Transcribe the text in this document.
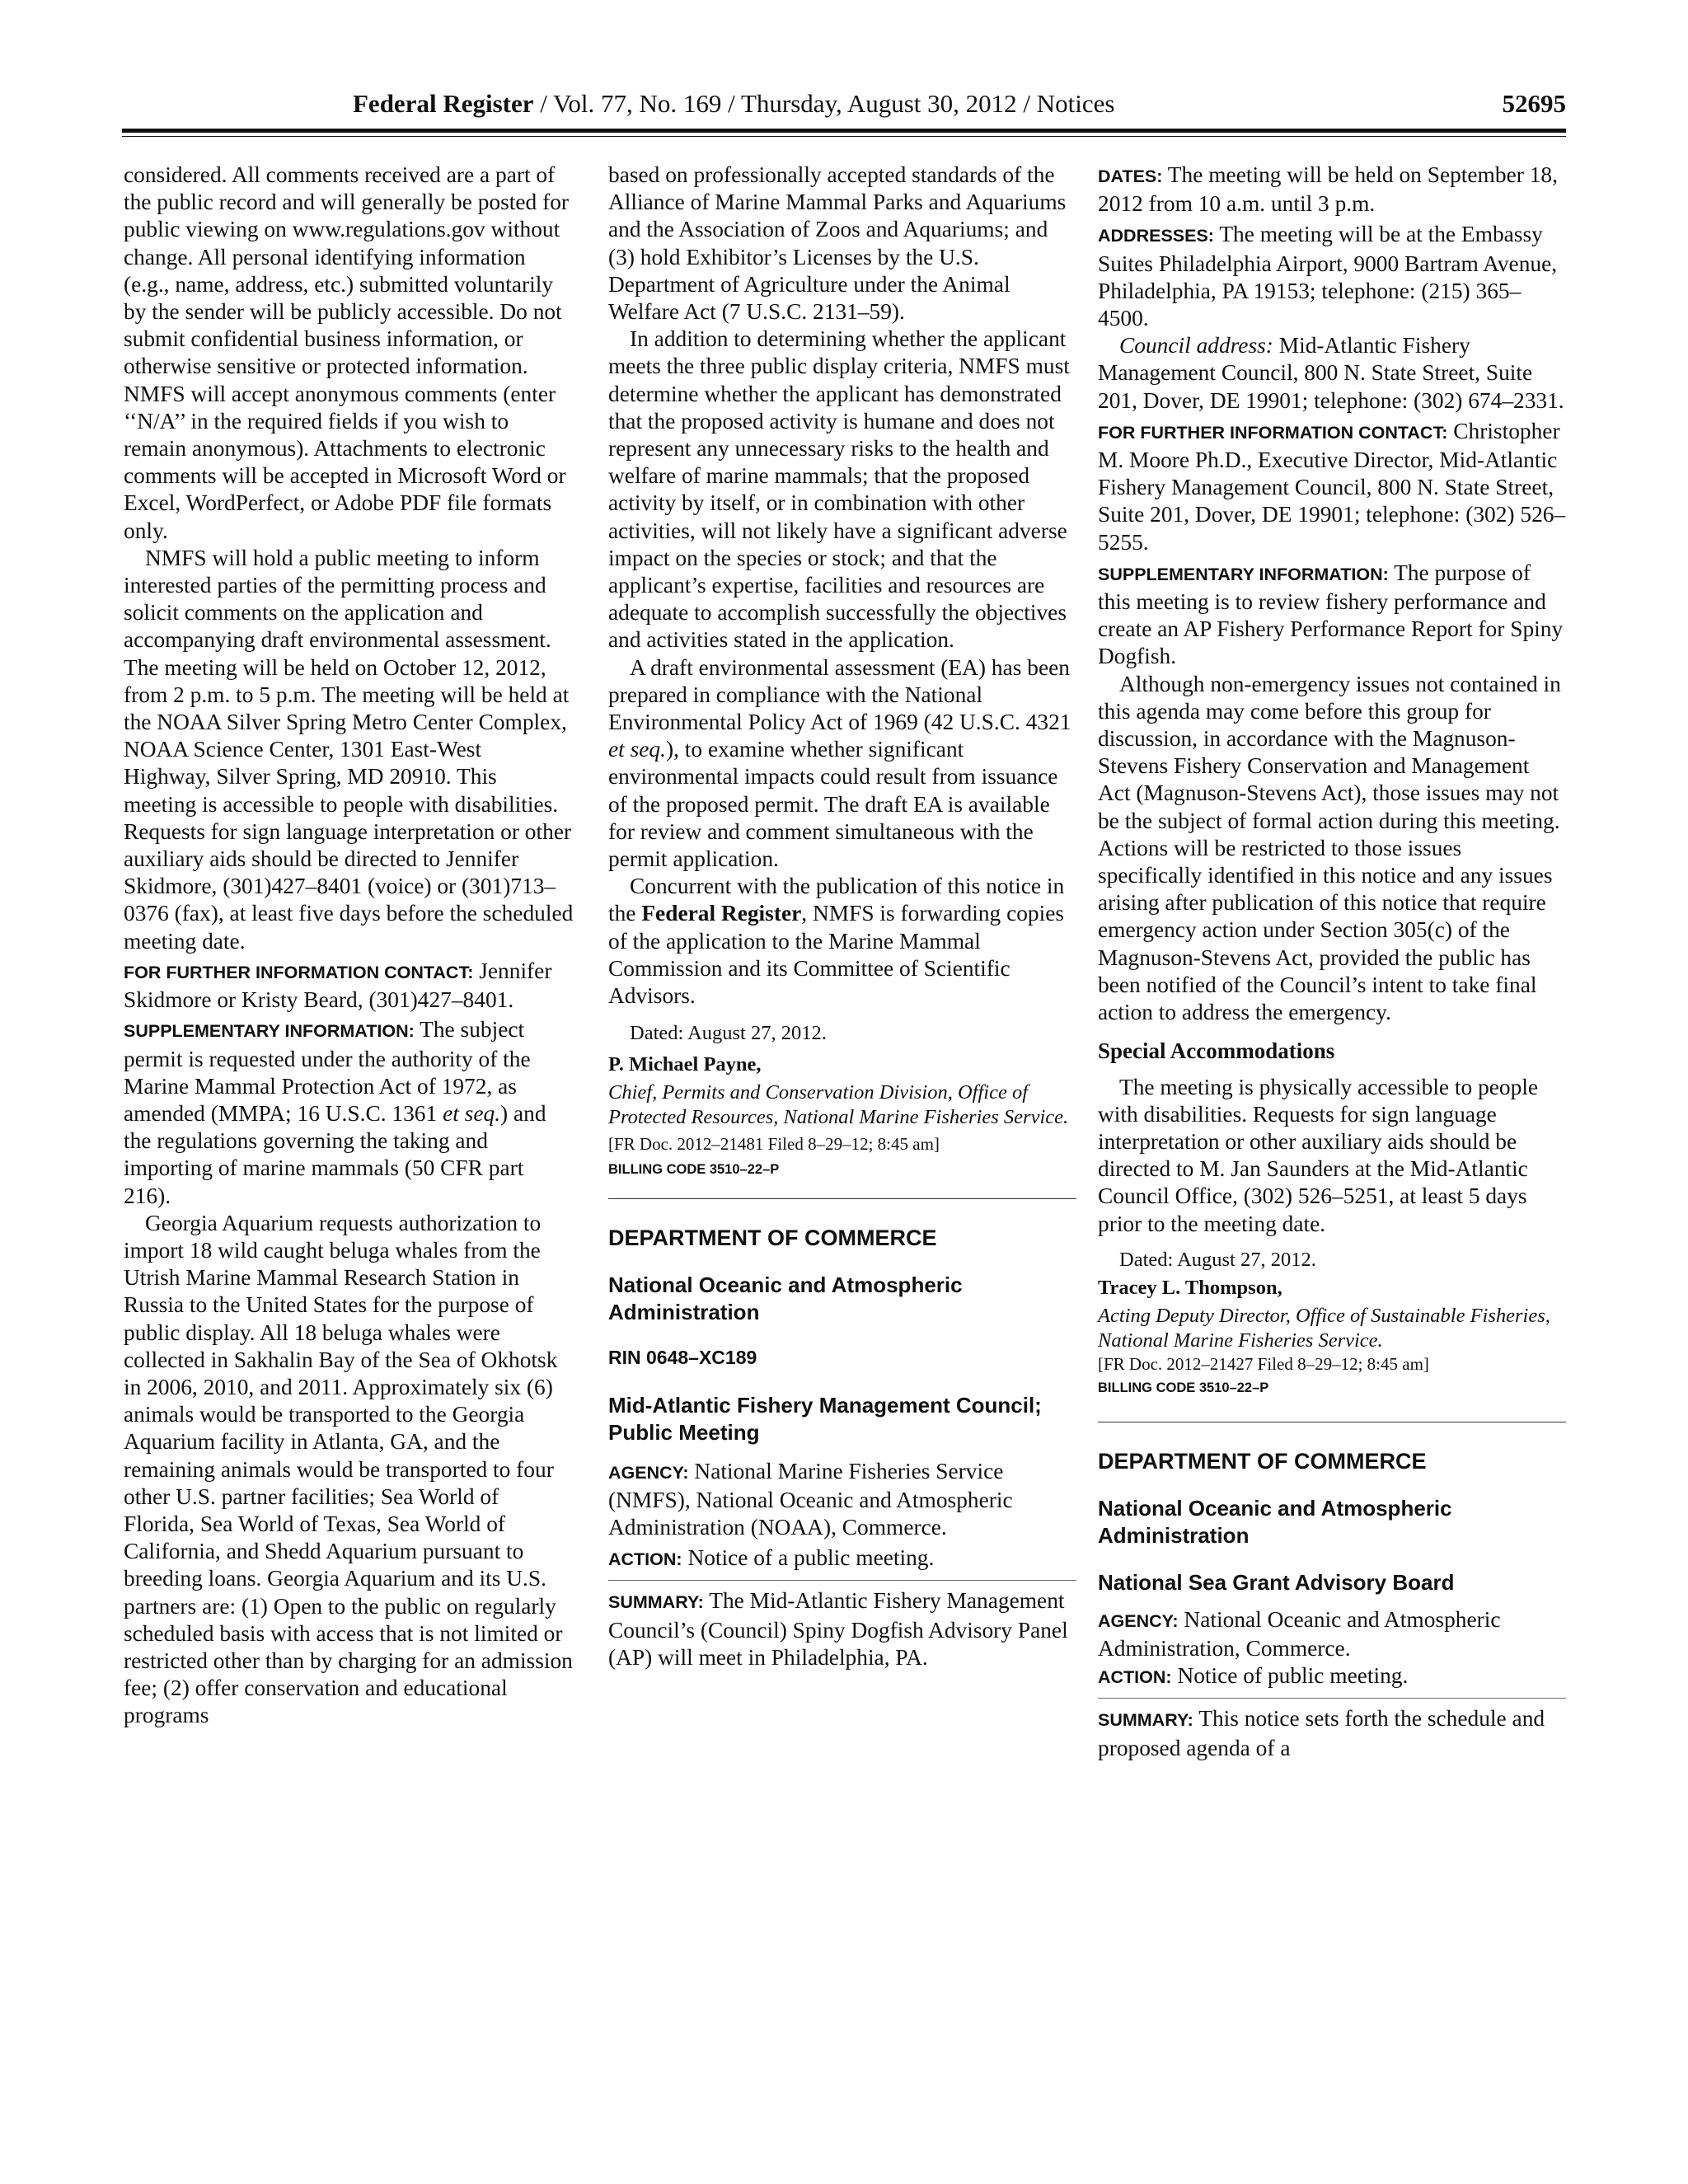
Federal Register / Vol. 77, No. 169 / Thursday, August 30, 2012 / Notices	52695

considered. All comments received are a part of the public record and will generally be posted for public viewing on www.regulations.gov without change. All personal identifying information (e.g., name, address, etc.) submitted voluntarily by the sender will be publicly accessible. Do not submit confidential business information, or otherwise sensitive or protected information. NMFS will accept anonymous comments (enter ‘‘N/A’’ in the required fields if you wish to remain anonymous). Attachments to electronic comments will be accepted in Microsoft Word or Excel, WordPerfect, or Adobe PDF file formats only.

NMFS will hold a public meeting to inform interested parties of the permitting process and solicit comments on the application and accompanying draft environmental assessment. The meeting will be held on October 12, 2012, from 2 p.m. to 5 p.m. The meeting will be held at the NOAA Silver Spring Metro Center Complex, NOAA Science Center, 1301 East-West Highway, Silver Spring, MD 20910. This meeting is accessible to people with disabilities. Requests for sign language interpretation or other auxiliary aids should be directed to Jennifer Skidmore, (301)427–8401 (voice) or (301)713–0376 (fax), at least five days before the scheduled meeting date.

FOR FURTHER INFORMATION CONTACT: Jennifer Skidmore or Kristy Beard, (301)427–8401.

SUPPLEMENTARY INFORMATION: The subject permit is requested under the authority of the Marine Mammal Protection Act of 1972, as amended (MMPA; 16 U.S.C. 1361 et seq.) and the regulations governing the taking and importing of marine mammals (50 CFR part 216).

Georgia Aquarium requests authorization to import 18 wild caught beluga whales from the Utrish Marine Mammal Research Station in Russia to the United States for the purpose of public display. All 18 beluga whales were collected in Sakhalin Bay of the Sea of Okhotsk in 2006, 2010, and 2011. Approximately six (6) animals would be transported to the Georgia Aquarium facility in Atlanta, GA, and the remaining animals would be transported to four other U.S. partner facilities; Sea World of Florida, Sea World of Texas, Sea World of California, and Shedd Aquarium pursuant to breeding loans. Georgia Aquarium and its U.S. partners are: (1) Open to the public on regularly scheduled basis with access that is not limited or restricted other than by charging for an admission fee; (2) offer conservation and educational programs

based on professionally accepted standards of the Alliance of Marine Mammal Parks and Aquariums and the Association of Zoos and Aquariums; and (3) hold Exhibitor’s Licenses by the U.S. Department of Agriculture under the Animal Welfare Act (7 U.S.C. 2131–59).

In addition to determining whether the applicant meets the three public display criteria, NMFS must determine whether the applicant has demonstrated that the proposed activity is humane and does not represent any unnecessary risks to the health and welfare of marine mammals; that the proposed activity by itself, or in combination with other activities, will not likely have a significant adverse impact on the species or stock; and that the applicant’s expertise, facilities and resources are adequate to accomplish successfully the objectives and activities stated in the application.

A draft environmental assessment (EA) has been prepared in compliance with the National Environmental Policy Act of 1969 (42 U.S.C. 4321 et seq.), to examine whether significant environmental impacts could result from issuance of the proposed permit. The draft EA is available for review and comment simultaneous with the permit application.

Concurrent with the publication of this notice in the Federal Register, NMFS is forwarding copies of the application to the Marine Mammal Commission and its Committee of Scientific Advisors.

Dated: August 27, 2012.

P. Michael Payne,

Chief, Permits and Conservation Division, Office of Protected Resources, National Marine Fisheries Service.

[FR Doc. 2012–21481 Filed 8–29–12; 8:45 am]

BILLING CODE 3510–22–P

DEPARTMENT OF COMMERCE

National Oceanic and Atmospheric Administration

RIN 0648–XC189

Mid-Atlantic Fishery Management Council; Public Meeting

AGENCY: National Marine Fisheries Service (NMFS), National Oceanic and Atmospheric Administration (NOAA), Commerce.

ACTION: Notice of a public meeting.

SUMMARY: The Mid-Atlantic Fishery Management Council’s (Council) Spiny Dogfish Advisory Panel (AP) will meet in Philadelphia, PA.

DATES: The meeting will be held on September 18, 2012 from 10 a.m. until 3 p.m.

ADDRESSES: The meeting will be at the Embassy Suites Philadelphia Airport, 9000 Bartram Avenue, Philadelphia, PA 19153; telephone: (215) 365–4500.

Council address: Mid-Atlantic Fishery Management Council, 800 N. State Street, Suite 201, Dover, DE 19901; telephone: (302) 674–2331.

FOR FURTHER INFORMATION CONTACT: Christopher M. Moore Ph.D., Executive Director, Mid-Atlantic Fishery Management Council, 800 N. State Street, Suite 201, Dover, DE 19901; telephone: (302) 526–5255.

SUPPLEMENTARY INFORMATION: The purpose of this meeting is to review fishery performance and create an AP Fishery Performance Report for Spiny Dogfish.

Although non-emergency issues not contained in this agenda may come before this group for discussion, in accordance with the Magnuson-Stevens Fishery Conservation and Management Act (Magnuson-Stevens Act), those issues may not be the subject of formal action during this meeting. Actions will be restricted to those issues specifically identified in this notice and any issues arising after publication of this notice that require emergency action under Section 305(c) of the Magnuson-Stevens Act, provided the public has been notified of the Council’s intent to take final action to address the emergency.

Special Accommodations

The meeting is physically accessible to people with disabilities. Requests for sign language interpretation or other auxiliary aids should be directed to M. Jan Saunders at the Mid-Atlantic Council Office, (302) 526–5251, at least 5 days prior to the meeting date.

Dated: August 27, 2012.

Tracey L. Thompson,

Acting Deputy Director, Office of Sustainable Fisheries, National Marine Fisheries Service.

[FR Doc. 2012–21427 Filed 8–29–12; 8:45 am]

BILLING CODE 3510–22–P

DEPARTMENT OF COMMERCE

National Oceanic and Atmospheric Administration

National Sea Grant Advisory Board

AGENCY: National Oceanic and Atmospheric Administration, Commerce.

ACTION: Notice of public meeting.

SUMMARY: This notice sets forth the schedule and proposed agenda of a
